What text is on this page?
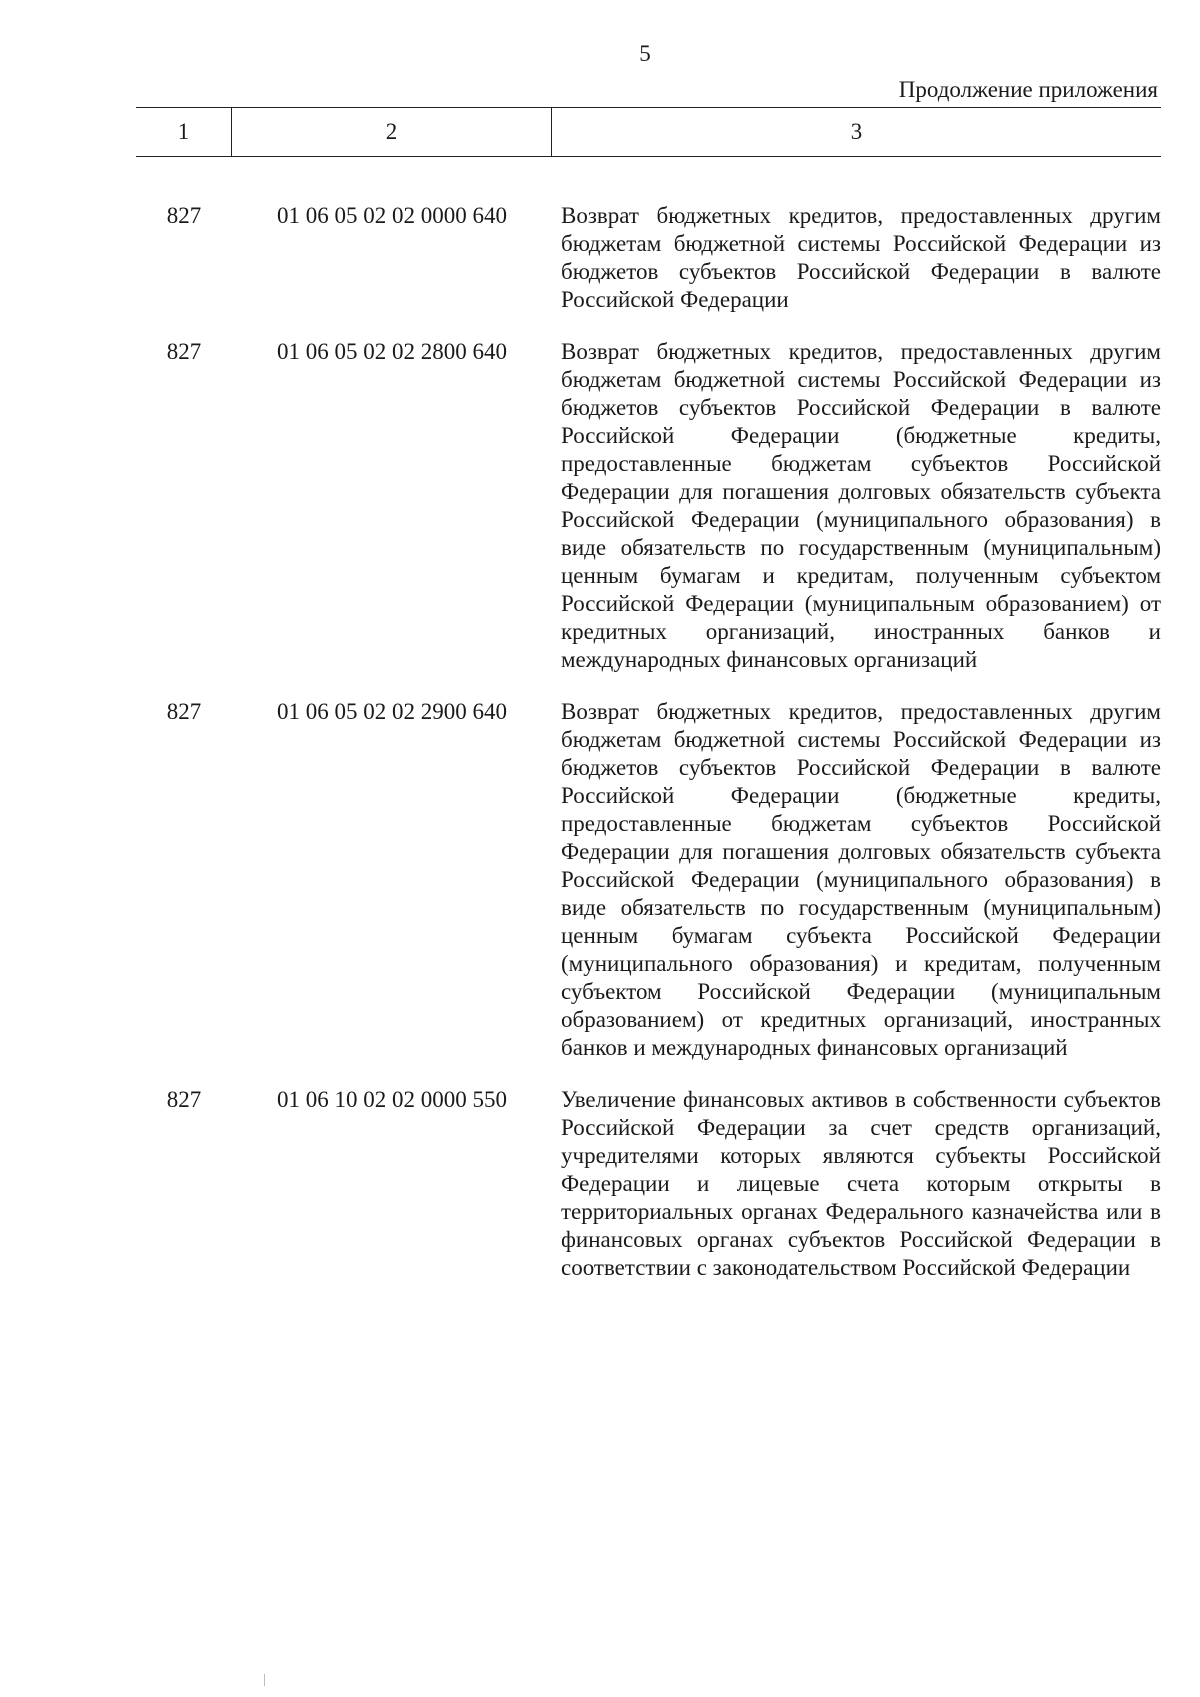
5
Продолжение приложения
1	2	3
827	01 06 05 02 02 0000 640	Возврат бюджетных кредитов, предоставленных другим бюджетам бюджетной системы Российской Федерации из бюджетов субъектов Российской Федерации в валюте Российской Федерации
827	01 06 05 02 02 2800 640	Возврат бюджетных кредитов, предоставленных другим бюджетам бюджетной системы Российской Федерации из бюджетов субъектов Российской Федерации в валюте Российской Федерации (бюджетные кредиты, предоставленные бюджетам субъектов Российской Федерации для погашения долговых обязательств субъекта Российской Федерации (муниципального образования) в виде обязательств по государственным (муниципальным) ценным бумагам и кредитам, полученным субъектом Российской Федерации (муниципальным образованием) от кредитных организаций, иностранных банков и международных финансовых организаций
827	01 06 05 02 02 2900 640	Возврат бюджетных кредитов, предоставленных другим бюджетам бюджетной системы Российской Федерации из бюджетов субъектов Российской Федерации в валюте Российской Федерации (бюджетные кредиты, предоставленные бюджетам субъектов Российской Федерации для погашения долговых обязательств субъекта Российской Федерации (муниципального образования) в виде обязательств по государственным (муниципальным) ценным бумагам субъекта Российской Федерации (муниципального образования) и кредитам, полученным субъектом Российской Федерации (муниципальным образованием) от кредитных организаций, иностранных банков и международных финансовых организаций
827	01 06 10 02 02 0000 550	Увеличение финансовых активов в собственности субъектов Российской Федерации за счет средств организаций, учредителями которых являются субъекты Российской Федерации и лицевые счета которым открыты в территориальных органах Федерального казначейства или в финансовых органах субъектов Российской Федерации в соответствии с законодательством Российской Федерации
